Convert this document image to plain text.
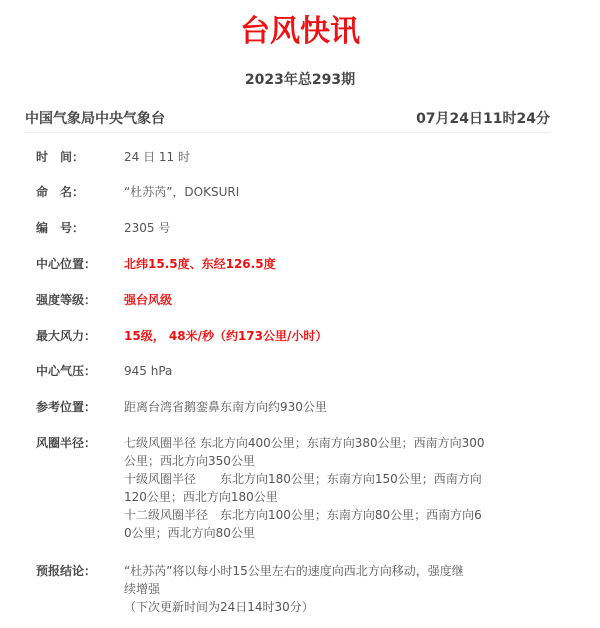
台风快讯
2023年总293期
中国气象局中央气象台	07月24日11时24分
时　间：	24 日 11 时
命　名：	“杜苏芮”，DOKSURI
编　号：	2305 号
中心位置：	北纬15.5度、东经126.5度
强度等级：	强台风级
最大风力：	15级， 48米/秒（约173公里/小时）
中心气压：	945 hPa
参考位置：	距离台湾省鹅銮鼻东南方向约930公里
风圈半径：	七级风圈半径 东北方向400公里；东南方向380公里；西南方向300
公里；西北方向350公里
十级风圈半径　　东北方向180公里；东南方向150公里；西南方向
120公里；西北方向180公里
十二级风圈半径　东北方向100公里；东南方向80公里；西南方向6
0公里；西北方向80公里
预报结论：	“杜苏芮”将以每小时15公里左右的速度向西北方向移动，强度继
续增强
（下次更新时间为24日14时30分）
